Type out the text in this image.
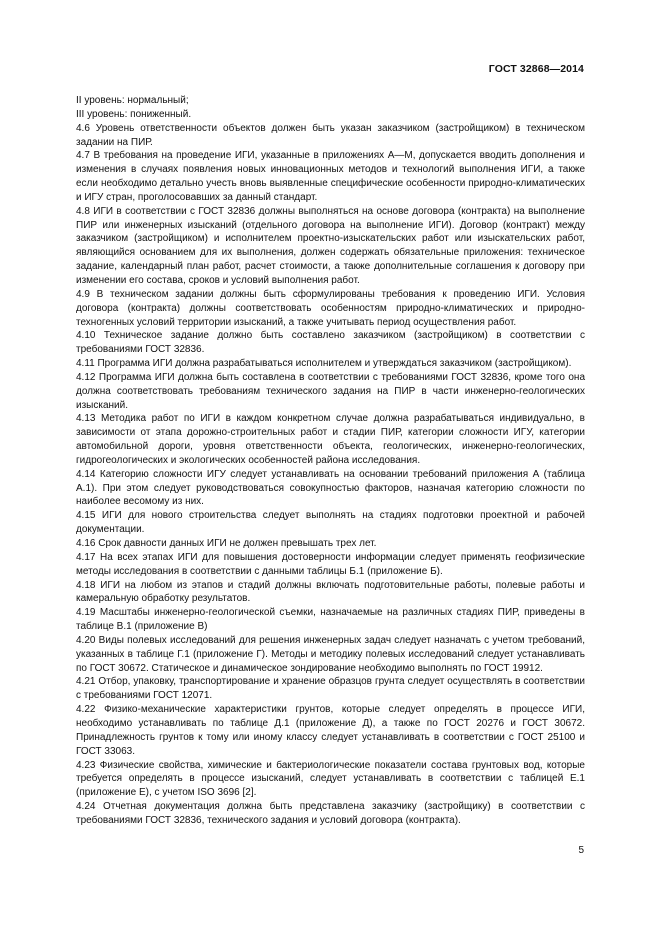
ГОСТ 32868—2014

II уровень: нормальный;

III уровень: пониженный.

4.6 Уровень ответственности объектов должен быть указан заказчиком (застройщиком) в техническом задании на ПИР.

4.7 В требования на проведение ИГИ, указанные в приложениях А—М, допускается вводить дополнения и изменения в случаях появления новых инновационных методов и технологий выполнения ИГИ, а также если необходимо детально учесть вновь выявленные специфические особенности природно-климатических и ИГУ стран, проголосовавших за данный стандарт.

4.8 ИГИ в соответствии с ГОСТ 32836 должны выполняться на основе договора (контракта) на выполнение ПИР или инженерных изысканий (отдельного договора на выполнение ИГИ). Договор (контракт) между заказчиком (застройщиком) и исполнителем проектно-изыскательских работ или изыскательских работ, являющийся основанием для их выполнения, должен содержать обязательные приложения: техническое задание, календарный план работ, расчет стоимости, а также дополнительные соглашения к договору при изменении его состава, сроков и условий выполнения работ.

4.9 В техническом задании должны быть сформулированы требования к проведению ИГИ. Условия договора (контракта) должны соответствовать особенностям природно-климатических и природно-техногенных условий территории изысканий, а также учитывать период осуществления работ.

4.10 Техническое задание должно быть составлено заказчиком (застройщиком) в соответствии с требованиями ГОСТ 32836.

4.11 Программа ИГИ должна разрабатываться исполнителем и утверждаться заказчиком (застройщиком).

4.12 Программа ИГИ должна быть составлена в соответствии с требованиями ГОСТ 32836, кроме того она должна соответствовать требованиям технического задания на ПИР в части инженерно-геологических изысканий.

4.13 Методика работ по ИГИ в каждом конкретном случае должна разрабатываться индивидуально, в зависимости от этапа дорожно-строительных работ и стадии ПИР, категории сложности ИГУ, категории автомобильной дороги, уровня ответственности объекта, геологических, инженерно-геологических, гидрогеологических и экологических особенностей района исследования.

4.14 Категорию сложности ИГУ следует устанавливать на основании требований приложения А (таблица А.1). При этом следует руководствоваться совокупностью факторов, назначая категорию сложности по наиболее весомому из них.

4.15 ИГИ для нового строительства следует выполнять на стадиях подготовки проектной и рабочей документации.

4.16 Срок давности данных ИГИ не должен превышать трех лет.

4.17 На всех этапах ИГИ для повышения достоверности информации следует применять геофизические методы исследования в соответствии с данными таблицы Б.1 (приложение Б).

4.18 ИГИ на любом из этапов и стадий должны включать подготовительные работы, полевые работы и камеральную обработку результатов.

4.19 Масштабы инженерно-геологической съемки, назначаемые на различных стадиях ПИР, приведены в таблице В.1 (приложение В)

4.20 Виды полевых исследований для решения инженерных задач следует назначать с учетом требований, указанных в таблице Г.1 (приложение Г). Методы и методику полевых исследований следует устанавливать по ГОСТ 30672. Статическое и динамическое зондирование необходимо выполнять по ГОСТ 19912.

4.21 Отбор, упаковку, транспортирование и хранение образцов грунта следует осуществлять в соответствии с требованиями ГОСТ 12071.

4.22 Физико-механические характеристики грунтов, которые следует определять в процессе ИГИ, необходимо устанавливать по таблице Д.1 (приложение Д), а также по ГОСТ 20276 и ГОСТ 30672. Принадлежность грунтов к тому или иному классу следует устанавливать в соответствии с ГОСТ 25100 и ГОСТ 33063.

4.23 Физические свойства, химические и бактериологические показатели состава грунтовых вод, которые требуется определять в процессе изысканий, следует устанавливать в соответствии с таблицей Е.1 (приложение Е), с учетом ISO 3696 [2].

4.24 Отчетная документация должна быть представлена заказчику (застройщику) в соответствии с требованиями ГОСТ 32836, технического задания и условий договора (контракта).

5
